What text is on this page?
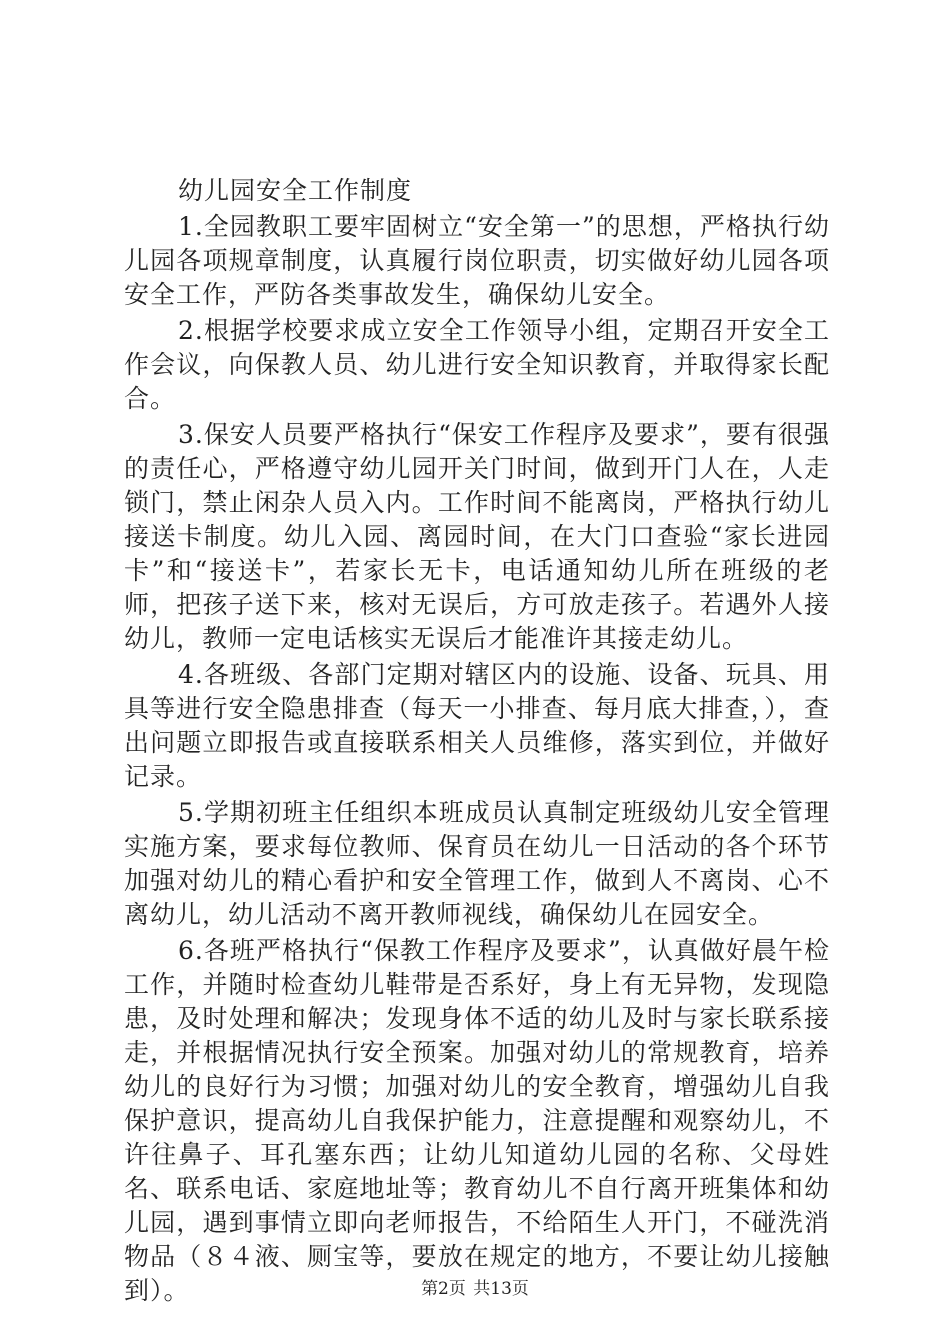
幼儿园安全工作制度

1.全园教职工要牢固树立“安全第一”的思想，严格执行幼儿园各项规章制度，认真履行岗位职责，切实做好幼儿园各项安全工作，严防各类事故发生，确保幼儿安全。

2.根据学校要求成立安全工作领导小组，定期召开安全工作会议，向保教人员、幼儿进行安全知识教育，并取得家长配合。

3.保安人员要严格执行“保安工作程序及要求”，要有很强的责任心，严格遵守幼儿园开关门时间，做到开门人在，人走锁门，禁止闲杂人员入内。工作时间不能离岗，严格执行幼儿接送卡制度。幼儿入园、离园时间，在大门口查验“家长进园卡”和“接送卡”，若家长无卡，电话通知幼儿所在班级的老师，把孩子送下来，核对无误后，方可放走孩子。若遇外人接幼儿，教师一定电话核实无误后才能准许其接走幼儿。

4.各班级、各部门定期对辖区内的设施、设备、玩具、用具等进行安全隐患排查（每天一小排查、每月底大排查，），查出问题立即报告或直接联系相关人员维修，落实到位，并做好记录。

5.学期初班主任组织本班成员认真制定班级幼儿安全管理实施方案，要求每位教师、保育员在幼儿一日活动的各个环节加强对幼儿的精心看护和安全管理工作，做到人不离岗、心不离幼儿，幼儿活动不离开教师视线，确保幼儿在园安全。

6.各班严格执行“保教工作程序及要求”，认真做好晨午检工作，并随时检查幼儿鞋带是否系好，身上有无异物，发现隐患，及时处理和解决；发现身体不适的幼儿及时与家长联系接走，并根据情况执行安全预案。加强对幼儿的常规教育，培养幼儿的良好行为习惯；加强对幼儿的安全教育，增强幼儿自我保护意识，提高幼儿自我保护能力，注意提醒和观察幼儿，不许往鼻子、耳孔塞东西；让幼儿知道幼儿园的名称、父母姓名、联系电话、家庭地址等；教育幼儿不自行离开班集体和幼儿园，遇到事情立即向老师报告，不给陌生人开门，不碰洗消物品（８４液、厕宝等，要放在规定的地方，不要让幼儿接触到）。	第2页 共13页
